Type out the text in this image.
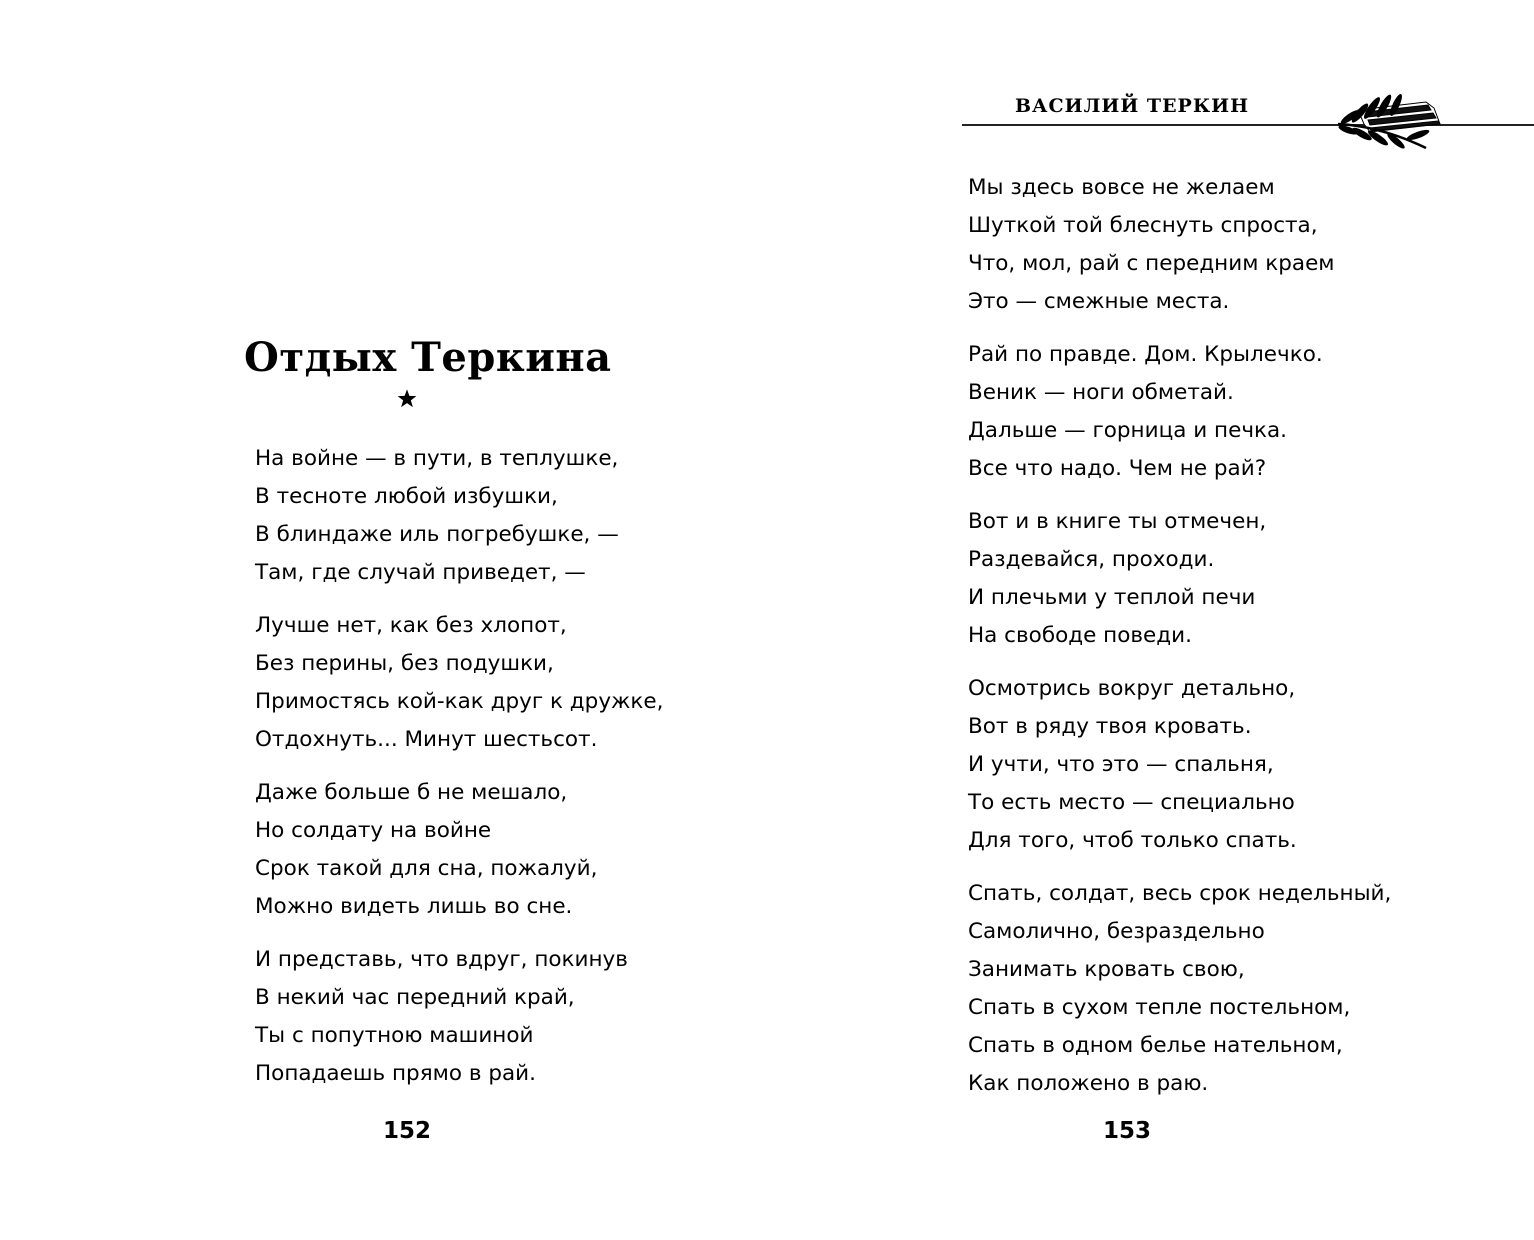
Отдых Теркина
На войне — в пути, в теплушке,
В тесноте любой избушки,
В блиндаже иль погребушке, —
Там, где случай приведет, —
Лучше нет, как без хлопот,
Без перины, без подушки,
Примостясь кой-как друг к дружке,
Отдохнуть... Минут шестьсот.
Даже больше б не мешало,
Но солдату на войне
Срок такой для сна, пожалуй,
Можно видеть лишь во сне.
И представь, что вдруг, покинув
В некий час передний край,
Ты с попутною машиной
Попадаешь прямо в рай.
152
ВАСИЛИЙ ТЕРКИН
Мы здесь вовсе не желаем
Шуткой той блеснуть спроста,
Что, мол, рай с передним краем
Это — смежные места.
Рай по правде. Дом. Крылечко.
Веник — ноги обметай.
Дальше — горница и печка.
Все что надо. Чем не рай?
Вот и в книге ты отмечен,
Раздевайся, проходи.
И плечьми у теплой печи
На свободе поведи.
Осмотрись вокруг детально,
Вот в ряду твоя кровать.
И учти, что это — спальня,
То есть место — специально
Для того, чтоб только спать.
Спать, солдат, весь срок недельный,
Самолично, безраздельно
Занимать кровать свою,
Спать в сухом тепле постельном,
Спать в одном белье нательном,
Как положено в раю.
153
